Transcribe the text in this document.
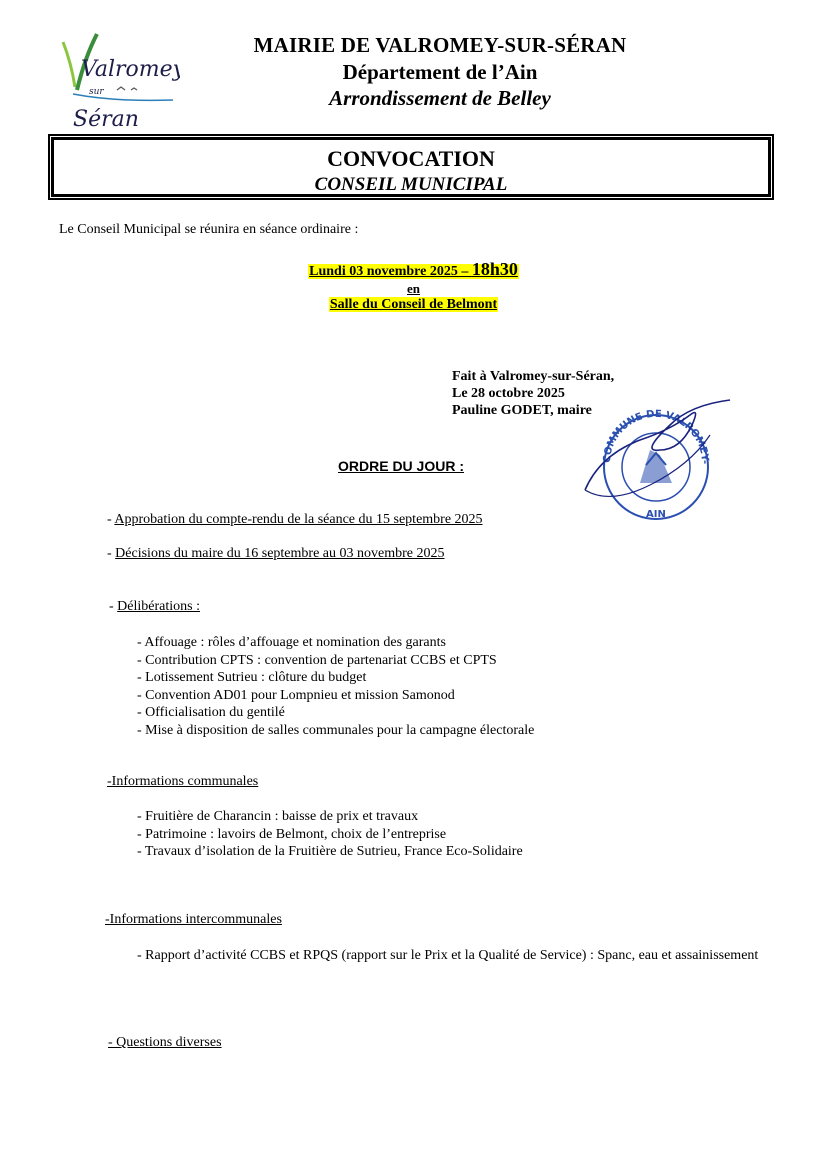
Valromey
sur
Séran
MAIRIE DE VALROMEY-SUR-SÉRAN
Département de l’Ain
Arrondissement de Belley
CONVOCATION
CONSEIL MUNICIPAL
Le Conseil Municipal se réunira en séance ordinaire :
Lundi 03 novembre 2025 – 18h30
en
Salle du Conseil de Belmont
Fait à Valromey-sur-Séran,
Le 28 octobre 2025
Pauline GODET, maire
COMMUNE DE VALROMEY-
AIN
ORDRE DU JOUR :
- Approbation du compte-rendu de la séance du 15 septembre 2025
- Décisions du maire du 16 septembre au 03 novembre 2025
- Délibérations :
- Affouage : rôles d’affouage et nomination des garants
- Contribution CPTS : convention de partenariat CCBS et CPTS
- Lotissement Sutrieu : clôture du budget
- Convention AD01 pour Lompnieu et mission Samonod
- Officialisation du gentilé
- Mise à disposition de salles communales pour la campagne électorale
-Informations communales
- Fruitière de Charancin : baisse de prix et travaux
- Patrimoine : lavoirs de Belmont, choix de l’entreprise
- Travaux d’isolation de la Fruitière de Sutrieu, France Eco-Solidaire
-Informations intercommunales
- Rapport d’activité CCBS et RPQS (rapport sur le Prix et la Qualité de Service) : Spanc, eau et assainissement
- Questions diverses
